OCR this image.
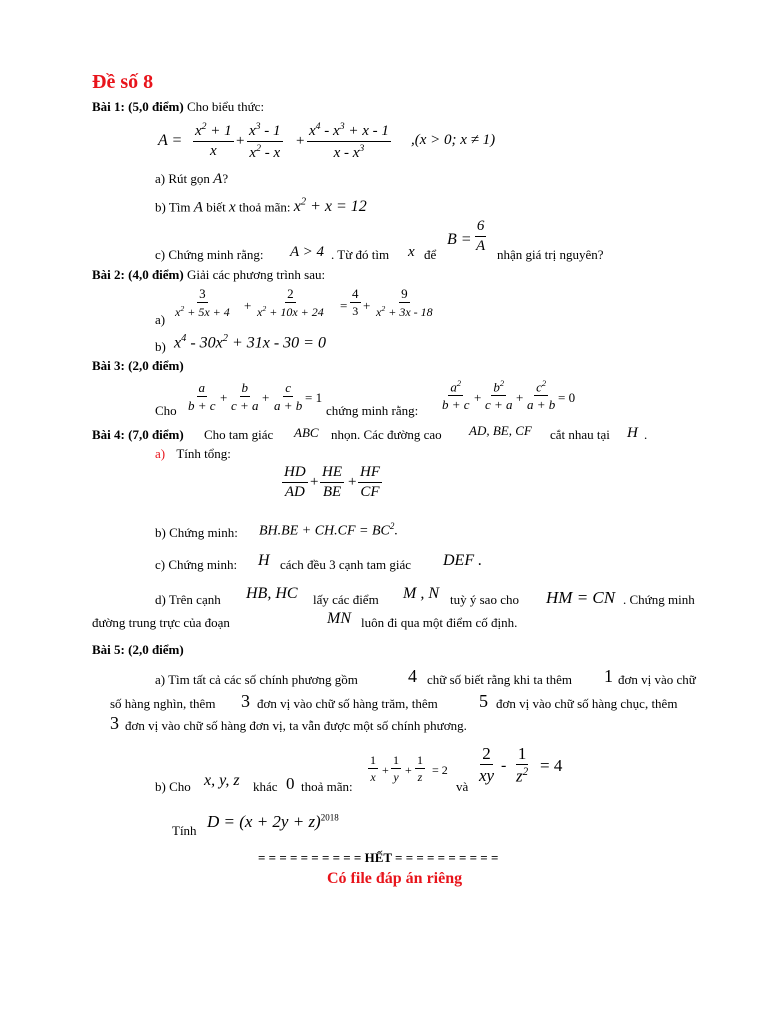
Đề số 8
Bài 1: (5,0 điểm) Cho biểu thức:
$A = \frac{x^2 + 1}{x} + \frac{x^3 - 1}{x^2 - x} + \frac{x^4 - x^3 + x - 1}{x - x^3} ,(x > 0$; x ≠ 1)
a) Rút gọn A?
b) Tìm A biết x thoả mãn: $x^2 + x = 12$
c) Chứng minh rằng: A > 4 . Từ đó tìm x để
$B = \frac{6}{A}$
nhận giá trị nguyên?
Bài 2: (4,0 điểm) Giải các phương trình sau:
a)
$\frac{3}{x^2 + 5x + 4} + \frac{2}{x^2 + 10x + 24} = \frac{4}{3} + \frac{9}{x^2 + 3x - 18}$
b) $x^4 - 30x^2 + 31x - 30 = 0$
Bài 3: (2,0 điểm)
Cho $\frac{a}{b + c} + \frac{b}{c + a} + \frac{c}{a + b} = 1$
chứng minh rằng: $\frac{a^2}{b + c} + \frac{b^2}{c + a} + \frac{c^2}{a + b} = 0$
Bài 4: (7,0 điểm) Cho tam giác ABC nhọn. Các đường cao AD, BE, CF cắt nhau tại H .
a) Tính tổng:
$\frac{HD}{AD} + \frac{HE}{BE} + \frac{HF}{CF}$
b) Chứng minh: $BH.BE + CH.CF = BC^2$.
c) Chứng minh: H cách đều 3 cạnh tam giác DEF .
d) Trên cạnh HB, HC lấy các điểm M , N tuỳ ý sao cho HM = CN . Chứng minh
đường trung trực của đoạn	MN luôn đi qua một điểm cố định.
Bài 5: (2,0 điểm)
a) Tìm tất cả các số chính phương gồm	4 chữ số biết rằng khi ta thêm 1 đơn vị vào chữ
số hàng nghìn, thêm 3 đơn vị vào chữ số hàng trăm, thêm 5 đơn vị vào chữ số hàng chục, thêm
3 đơn vị vào chữ số hàng đơn vị, ta vẫn được một số chính phương.
b) Cho x, y, z khác 0 thoả mãn:
$\frac{1}{x} + \frac{1}{y} + \frac{1}{z} = 2$
và
$\frac{2}{xy} - \frac{1}{z^2} = 4$
Tính $D = (x + 2y + z)^{2018}$
= = = = = = = = = = HẾT = = = = = = = = = =
Có file đáp án riêng
